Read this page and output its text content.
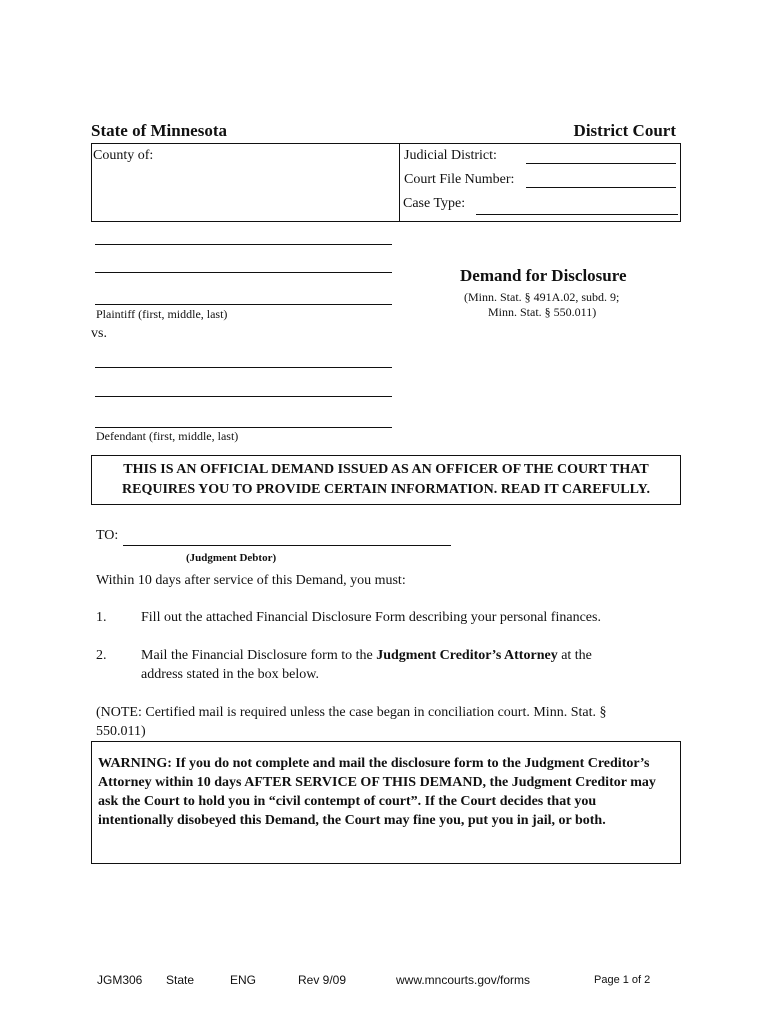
State of Minnesota	District Court
County of:	Judicial District:
Court File Number:
Case Type:
Plaintiff (first, middle, last)
vs.
Demand for Disclosure
(Minn. Stat. § 491A.02, subd. 9;
Minn. Stat. § 550.011)
Defendant (first, middle, last)
THIS IS AN OFFICIAL DEMAND ISSUED AS AN OFFICER OF THE COURT THAT REQUIRES YOU TO PROVIDE CERTAIN INFORMATION. READ IT CAREFULLY.
TO:
(Judgment Debtor)
Within 10 days after service of this Demand, you must:
1. Fill out the attached Financial Disclosure Form describing your personal finances.
2. Mail the Financial Disclosure form to the Judgment Creditor’s Attorney at the
address stated in the box below.
(NOTE: Certified mail is required unless the case began in conciliation court. Minn. Stat. § 550.011)
WARNING: If you do not complete and mail the disclosure form to the Judgment Creditor’s Attorney within 10 days AFTER SERVICE OF THIS DEMAND, the Judgment Creditor may ask the Court to hold you in “civil contempt of court”. If the Court decides that you intentionally disobeyed this Demand, the Court may fine you, put you in jail, or both.
JGM306 State	ENG	Rev 9/09	www.mncourts.gov/forms	Page 1 of 2
